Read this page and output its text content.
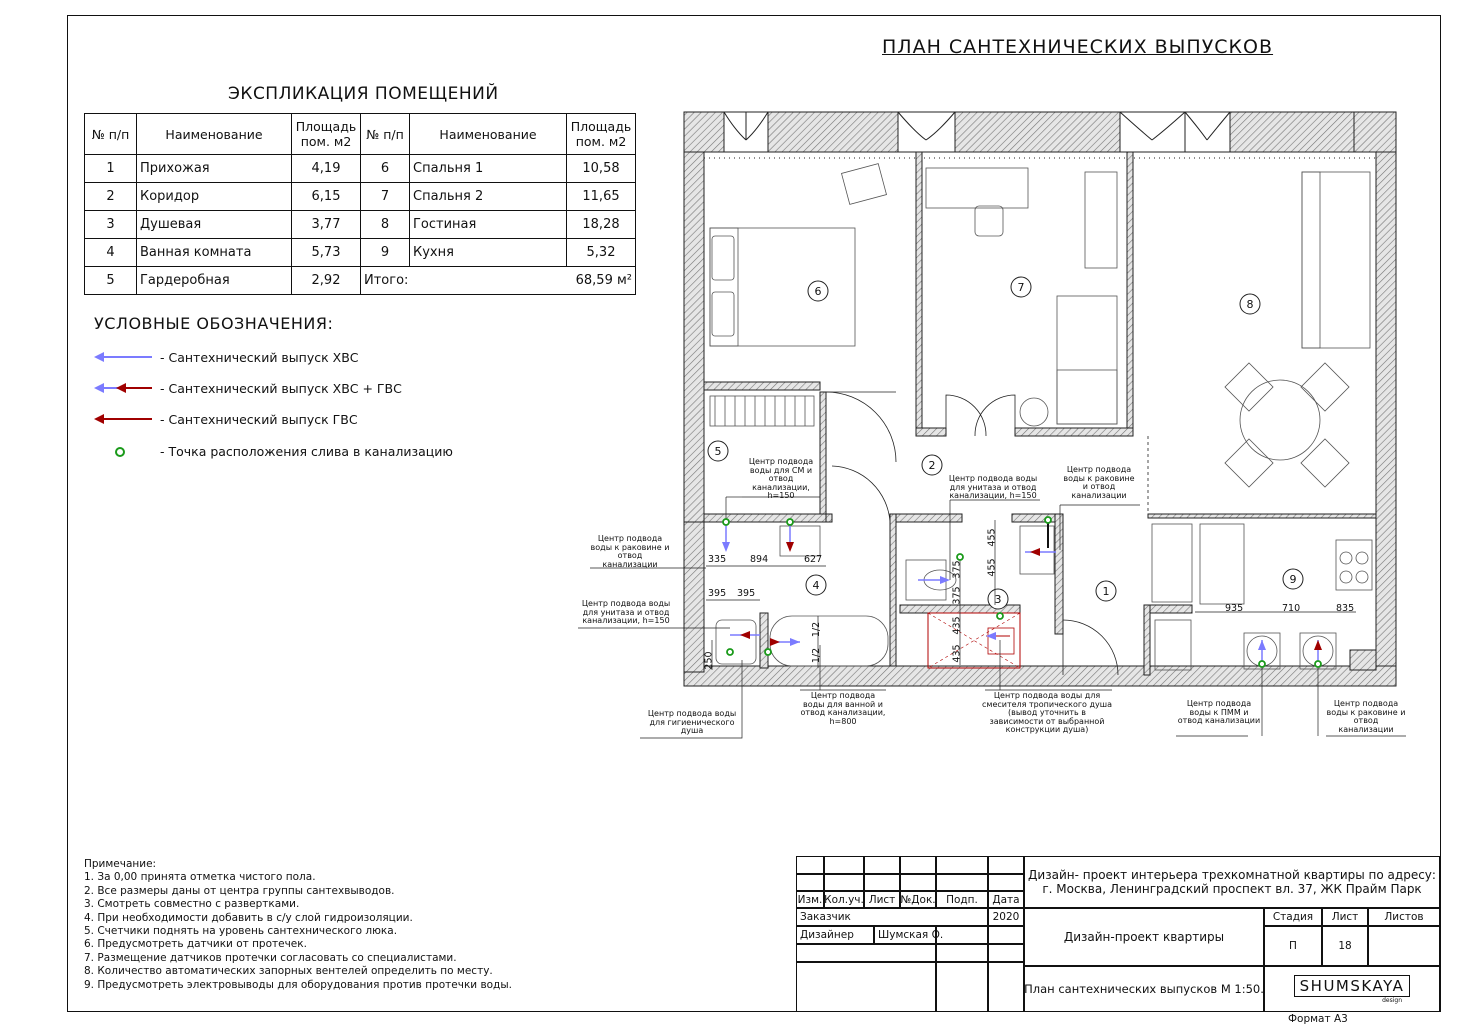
ПЛАН САНТЕХНИЧЕСКИХ ВЫПУСКОВ
ЭКСПЛИКАЦИЯ ПОМЕЩЕНИЙ
№ п/п	Наименование	Площадь пом. м2	№ п/п	Наименование	Площадь пом. м2
1	Прихожая	4,19	6	Спальня 1	10,58
2	Коридор	6,15	7	Спальня 2	11,65
3	Душевая	3,77	8	Гостиная	18,28
4	Ванная комната	5,73	9	Кухня	5,32
5	Гардеробная	2,92	Итого:		68,59 м²
УСЛОВНЫЕ ОБОЗНАЧЕНИЯ:
- Сантехнический выпуск ХВС
- Сантехнический выпуск ХВС + ГВС
- Сантехнический выпуск ГВС
- Точка расположения слива в канализацию
1
2
3
4
5
6	7
8
9
Центр подвода воды для СМ и отвод канализации, h=150
Центр подвода воды для унитаза и отвод канализации, h=150
Центр подвода воды к раковине и отвод канализации
Центр подвода воды к раковине и отвод канализации
Центр подвода воды для унитаза и отвод канализации, h=150
Центр подвода воды для гигиенического душа
Центр подвода воды для ванной и отвод канализации, h=800
Центр подвода воды для смесителя тропического душа (вывод уточнить в зависимости от выбранной конструкции душа)
Центр подвода воды к ПММ и отвод канализации
Центр подвода воды к раковине и отвод канализации
335	894	627
395 395
250
1/2
1/2
455
455
375
375
435
435
935	710	835
Примечание:
1. За 0,00 принята отметка чистого пола.
2. Все размеры даны от центра группы сантехвыводов.
3. Смотреть совместно с развертками.
4. При необходимости добавить в с/у слой гидроизоляции.
5. Счетчики поднять на уровень сантехнического люка.
6. Предусмотреть датчики от протечек.
7. Размещение датчиков протечки согласовать со специалистами.
8. Количество автоматических запорных вентелей определить по месту.
9. Предусмотреть электровыводы для оборудования против протечки воды.
Изм. Кол.уч. Лист №Док. Подп.	Дата
Заказчик	2020
Дизайнер	Шумская О.
Дизайн- проект интерьера трехкомнатной квартиры по адресу: г. Москва, Ленинградский проспект вл. 37, ЖК Прайм Парк
Дизайн-проект квартиры
Стадия	Лист	Листов
П	18
План сантехнических выпусков М 1:50.	SHUMSKAYA
design
Формат А3
